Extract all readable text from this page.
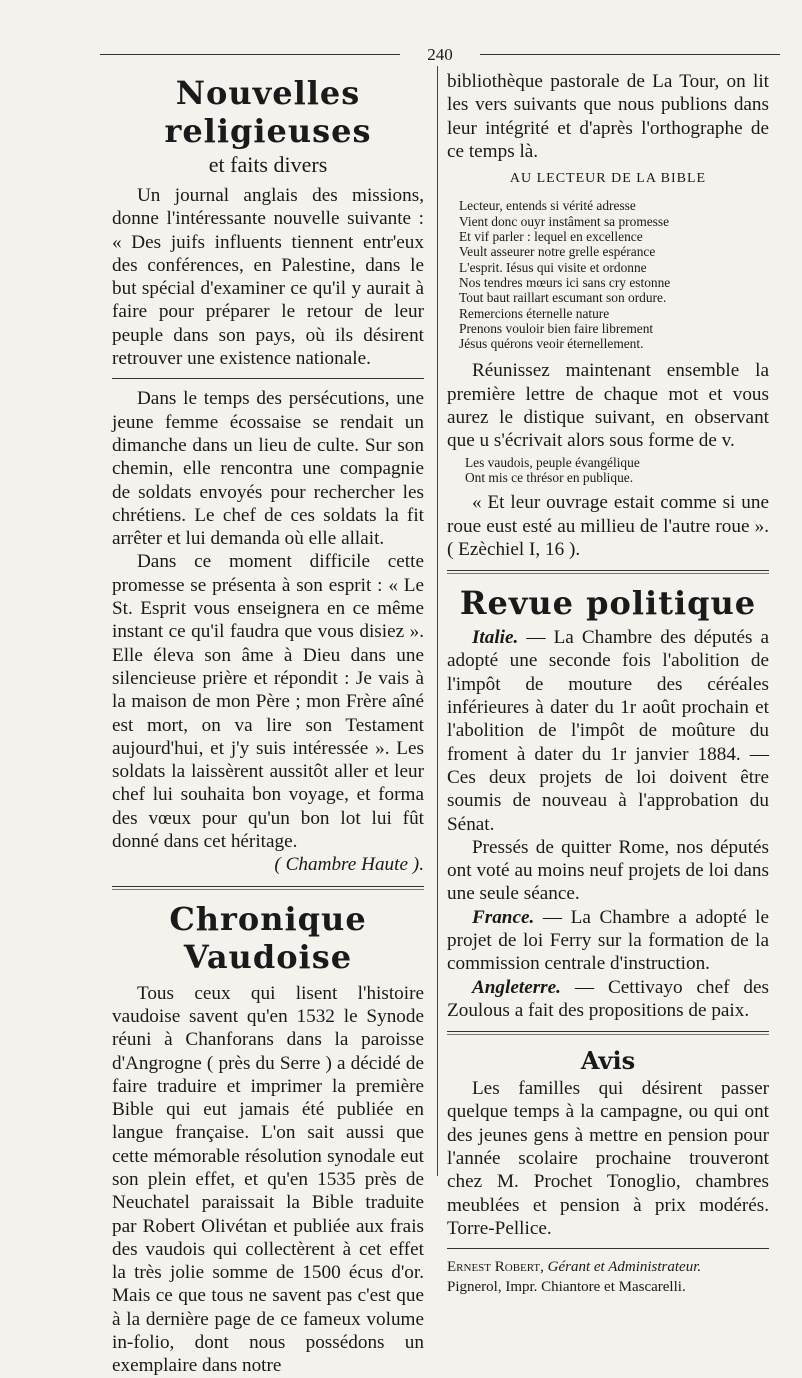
240
Nouvelles religieuses
et faits divers

Un journal anglais des missions, donne l'intéressante nouvelle suivante : « Des juifs influents tiennent entr'eux des conférences, en Palestine, dans le but spécial d'examiner ce qu'il y aurait à faire pour préparer le retour de leur peuple dans son pays, où ils désirent retrouver une existence nationale.

Dans le temps des persécutions, une jeune femme écossaise se rendait un dimanche dans un lieu de culte. Sur son chemin, elle rencontra une compagnie de soldats envoyés pour rechercher les chrétiens. Le chef de ces soldats la fit arrêter et lui demanda où elle allait.

Dans ce moment difficile cette promesse se présenta à son esprit : « Le St. Esprit vous enseignera en ce même instant ce qu'il faudra que vous disiez ». Elle éleva son âme à Dieu dans une silencieuse prière et répondit : Je vais à la maison de mon Père ; mon Frère aîné est mort, on va lire son Testament aujourd'hui, et j'y suis intéressée ». Les soldats la laissèrent aussitôt aller et leur chef lui souhaita bon voyage, et forma des vœux pour qu'un bon lot lui fût donné dans cet héritage.

( Chambre Haute ).
Chronique Vaudoise

Tous ceux qui lisent l'histoire vaudoise savent qu'en 1532 le Synode réuni à Chanforans dans la paroisse d'Angrogne ( près du Serre ) a décidé de faire traduire et imprimer la première Bible qui eut jamais été publiée en langue française. L'on sait aussi que cette mémorable résolution synodale eut son plein effet, et qu'en 1535 près de Neuchatel paraissait la Bible traduite par Robert Olivétan et publiée aux frais des vaudois qui collectèrent à cet effet la très jolie somme de 1500 écus d'or. Mais ce que tous ne savent pas c'est que à la dernière page de ce fameux volume in-folio, dont nous possédons un exemplaire dans notre

bibliothèque pastorale de La Tour, on lit les vers suivants que nous publions dans leur intégrité et d'après l'orthographe de ce temps là.

AU LECTEUR DE LA BIBLE
Lecteur, entends si vérité adresse
Vient donc ouyr instâment sa promesse
Et vif parler : lequel en excellence
Veult asseurer notre grelle espérance
L'esprit. Iésus qui visite et ordonne
Nos tendres mœurs ici sans cry estonne
Tout baut raillart escumant son ordure.
Remercions éternelle nature
Prenons vouloir bien faire librement
Jésus quérons veoir éternellement.

Réunissez maintenant ensemble la première lettre de chaque mot et vous aurez le distique suivant, en observant que u s'écrivait alors sous forme de v.

Les vaudois, peuple évangélique
Ont mis ce thrésor en publique.

« Et leur ouvrage estait comme si une roue eust esté au millieu de l'autre roue ». ( Ezèchiel I, 16 ).

Revue politique

Italie. — La Chambre des députés a adopté une seconde fois l'abolition de l'impôt de mouture des céréales inférieures à dater du 1r août prochain et l'abolition de l'impôt de moûture du froment à dater du 1r janvier 1884. — Ces deux projets de loi doivent être soumis de nouveau à l'approbation du Sénat.

Pressés de quitter Rome, nos députés ont voté au moins neuf projets de loi dans une seule séance.

France. — La Chambre a adopté le projet de loi Ferry sur la formation de la commission centrale d'instruction.

Angleterre. — Cettivayo chef des Zoulous a fait des propositions de paix.

Avis

Les familles qui désirent passer quelque temps à la campagne, ou qui ont des jeunes gens à mettre en pension pour l'année scolaire prochaine trouveront chez M. Prochet Tonoglio, chambres meublées et pension à prix modérés. Torre-Pellice.

Ernest Robert, Gérant et Administrateur.
Pignerol, Impr. Chiantore et Mascarelli.
